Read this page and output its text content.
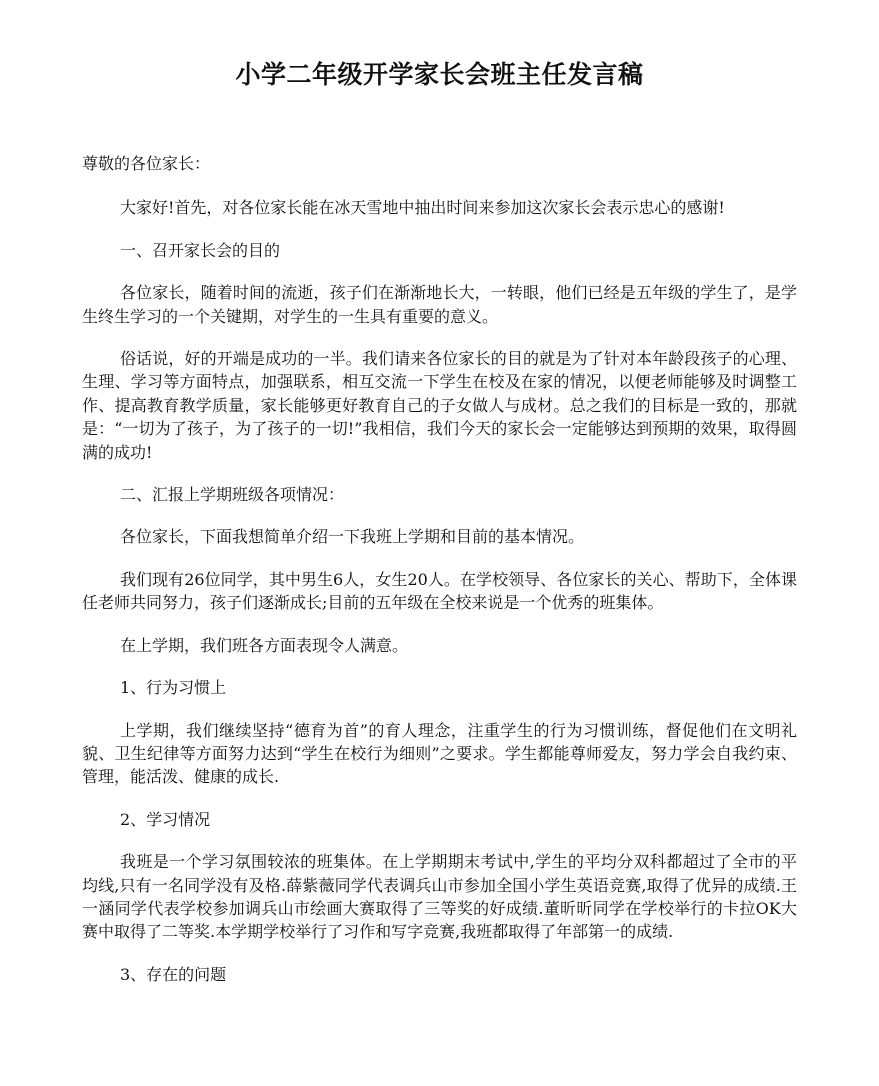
小学二年级开学家长会班主任发言稿

尊敬的各位家长：

大家好!首先，对各位家长能在冰天雪地中抽出时间来参加这次家长会表示忠心的感谢!

一、召开家长会的目的

各位家长，随着时间的流逝，孩子们在渐渐地长大，一转眼，他们已经是五年级的学生了，是学生终生学习的一个关键期，对学生的一生具有重要的意义。

俗话说，好的开端是成功的一半。我们请来各位家长的目的就是为了针对本年龄段孩子的心理、生理、学习等方面特点，加强联系，相互交流一下学生在校及在家的情况，以便老师能够及时调整工作、提高教育教学质量，家长能够更好教育自己的子女做人与成材。总之我们的目标是一致的，那就是：“一切为了孩子，为了孩子的一切!”我相信，我们今天的家长会一定能够达到预期的效果，取得圆满的成功!

二、汇报上学期班级各项情况：

各位家长，下面我想简单介绍一下我班上学期和目前的基本情况。

我们现有26位同学，其中男生6人，女生20人。在学校领导、各位家长的关心、帮助下，全体课任老师共同努力，孩子们逐渐成长;目前的五年级在全校来说是一个优秀的班集体。

在上学期，我们班各方面表现令人满意。

1、行为习惯上

上学期，我们继续坚持“德育为首”的育人理念，注重学生的行为习惯训练，督促他们在文明礼貌、卫生纪律等方面努力达到“学生在校行为细则”之要求。学生都能尊师爱友，努力学会自我约束、管理，能活泼、健康的成长.

2、学习情况

我班是一个学习氛围较浓的班集体。在上学期期末考试中,学生的平均分双科都超过了全市的平均线,只有一名同学没有及格.薛紫薇同学代表调兵山市参加全国小学生英语竞赛,取得了优异的成绩.王一涵同学代表学校参加调兵山市绘画大赛取得了三等奖的好成绩.董昕昕同学在学校举行的卡拉OK大赛中取得了二等奖.本学期学校举行了习作和写字竞赛,我班都取得了年部第一的成绩.

3、存在的问题
